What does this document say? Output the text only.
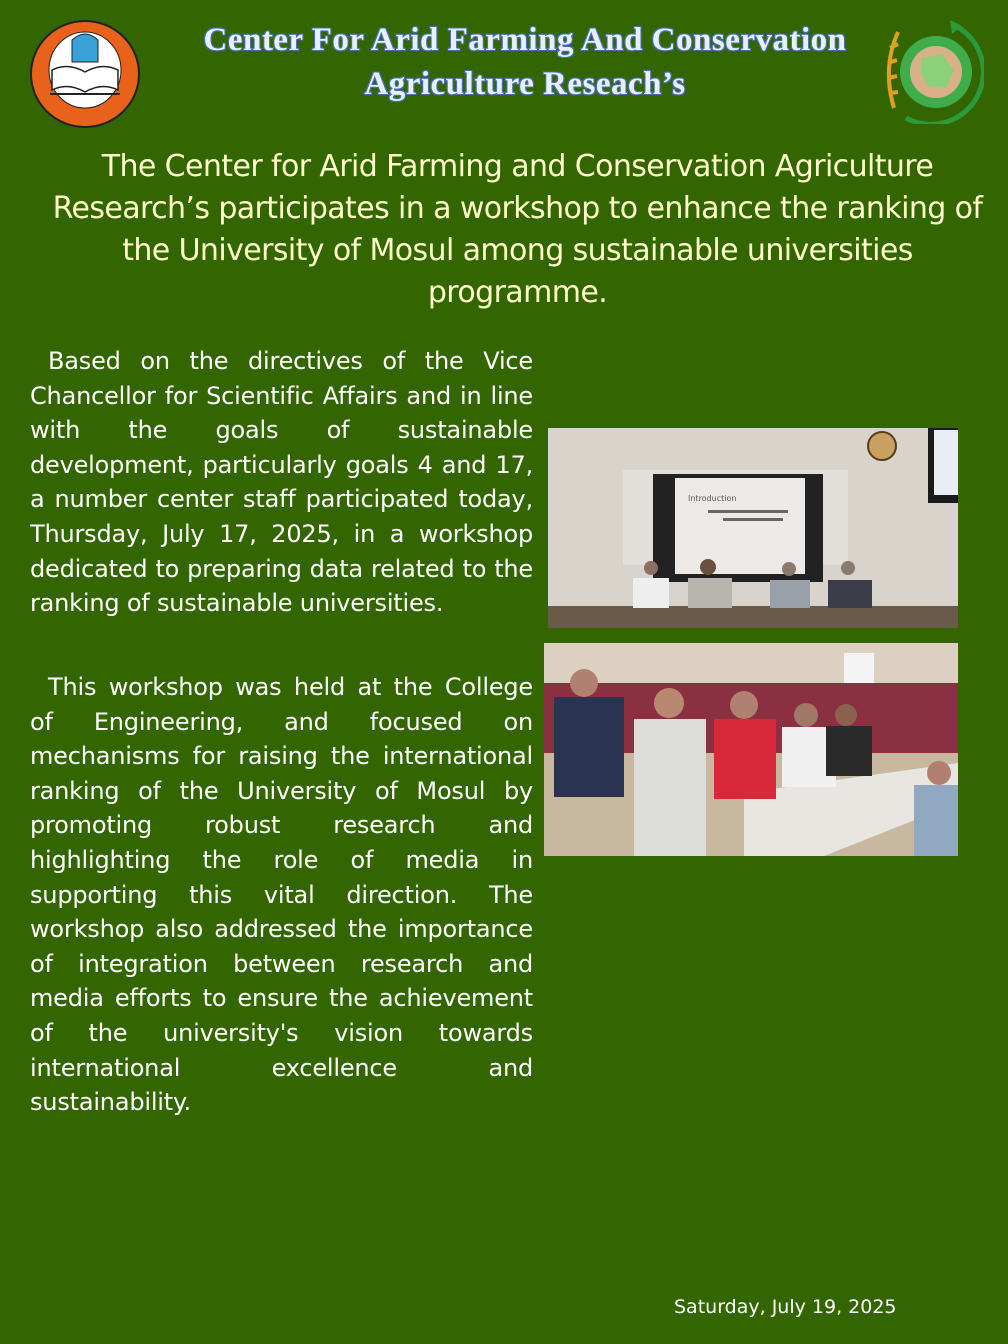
Center For Arid Farming And Conservation
Agriculture Reseach’s
The Center for Arid Farming and Conservation Agriculture Research’s participates in a workshop to enhance the ranking of the University of Mosul among sustainable universities programme.

Based on the directives of the Vice Chancellor for Scientific Affairs and in line with the goals of sustainable development, particularly goals 4 and 17, a number center staff participated today, Thursday, July 17, 2025, in a workshop dedicated to preparing data related to the ranking of sustainable universities.

This workshop was held at the College of Engineering, and focused on mechanisms for raising the international ranking of the University of Mosul by promoting robust research and highlighting the role of media in supporting this vital direction. The workshop also addressed the importance of integration between research and media efforts to ensure the achievement of the university's vision towards international excellence and sustainability.

Introduction
Saturday, July 19, 2025
